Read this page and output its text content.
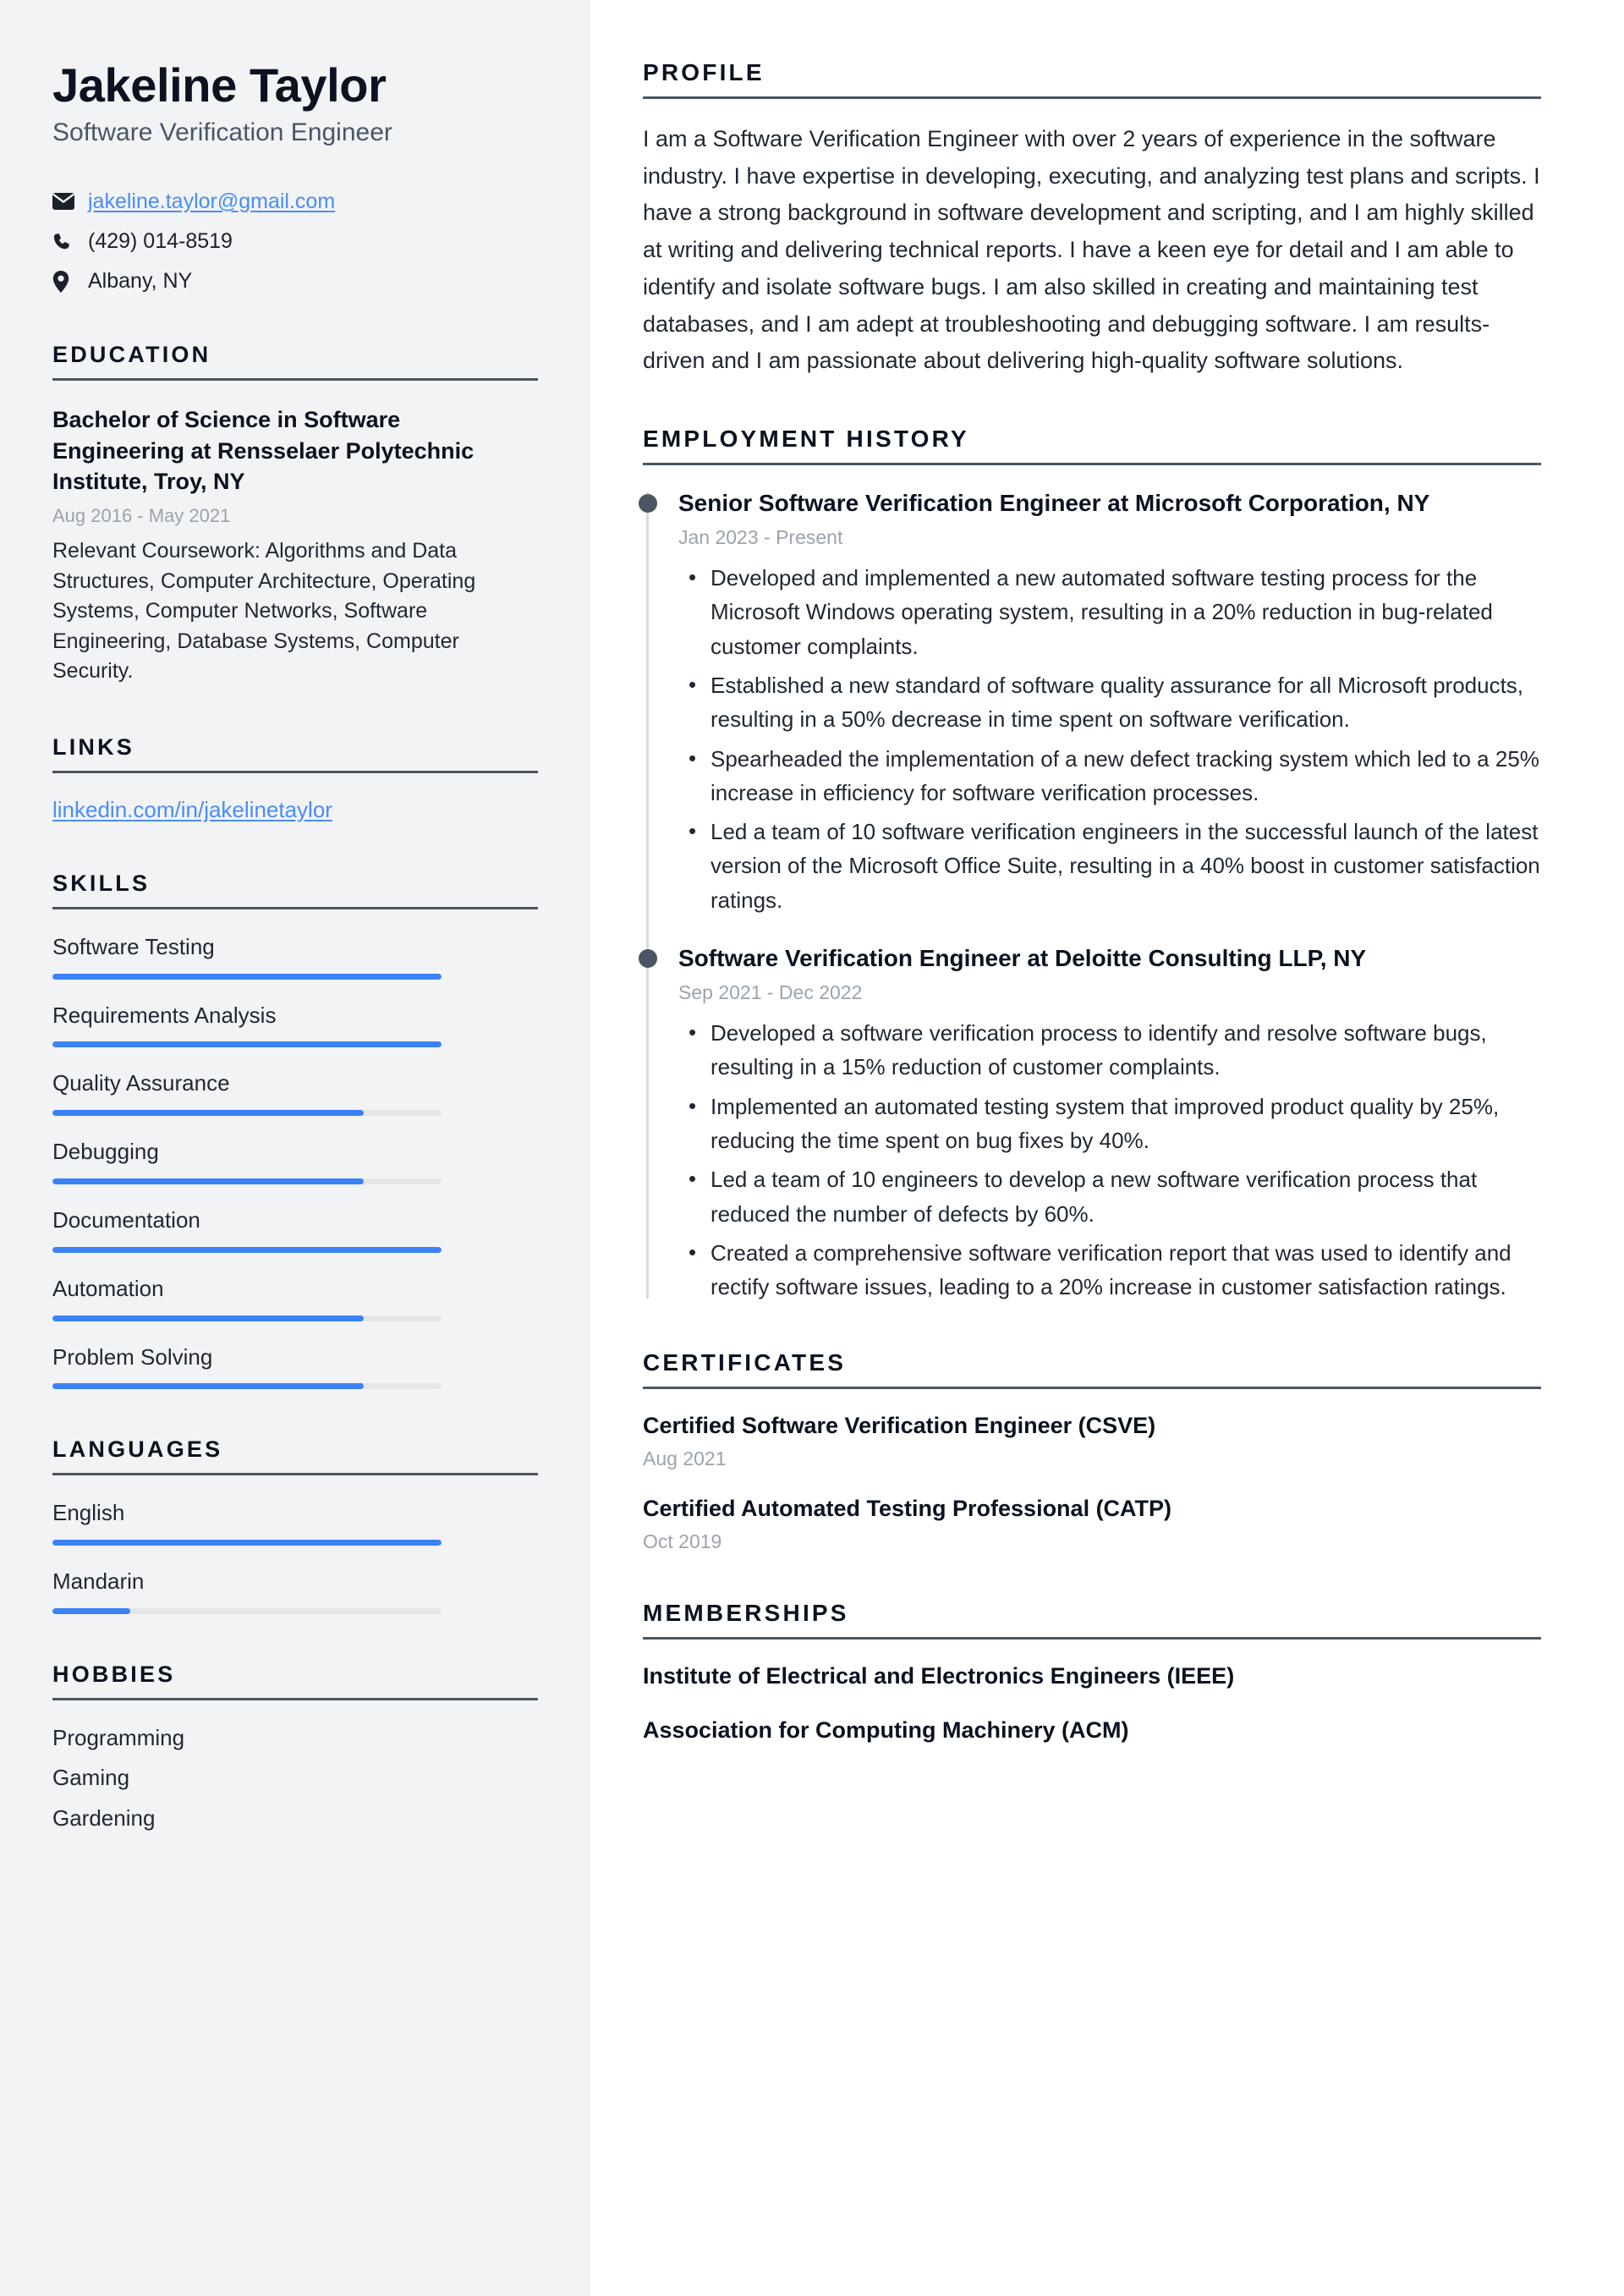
Jakeline Taylor
Software Verification Engineer
jakeline.taylor@gmail.com
(429) 014-8519
Albany, NY
EDUCATION
Bachelor of Science in Software Engineering at Rensselaer Polytechnic Institute, Troy, NY
Aug 2016 - May 2021
Relevant Coursework: Algorithms and Data Structures, Computer Architecture, Operating Systems, Computer Networks, Software Engineering, Database Systems, Computer Security.
LINKS
linkedin.com/in/jakelinetaylor
SKILLS
Software Testing
Requirements Analysis
Quality Assurance
Debugging
Documentation
Automation
Problem Solving
LANGUAGES
English
Mandarin
HOBBIES
Programming
Gaming
Gardening
PROFILE

I am a Software Verification Engineer with over 2 years of experience in the software industry. I have expertise in developing, executing, and analyzing test plans and scripts. I have a strong background in software development and scripting, and I am highly skilled at writing and delivering technical reports. I have a keen eye for detail and I am able to identify and isolate software bugs. I am also skilled in creating and maintaining test databases, and I am adept at troubleshooting and debugging software. I am results-driven and I am passionate about delivering high-quality software solutions.

EMPLOYMENT HISTORY
Senior Software Verification Engineer at Microsoft Corporation, NY
Jan 2023 - Present
• Developed and implemented a new automated software testing process for the Microsoft Windows operating system, resulting in a 20% reduction in bug-related customer complaints.
• Established a new standard of software quality assurance for all Microsoft products, resulting in a 50% decrease in time spent on software verification.
• Spearheaded the implementation of a new defect tracking system which led to a 25% increase in efficiency for software verification processes.
• Led a team of 10 software verification engineers in the successful launch of the latest version of the Microsoft Office Suite, resulting in a 40% boost in customer satisfaction ratings.
Software Verification Engineer at Deloitte Consulting LLP, NY
Sep 2021 - Dec 2022
• Developed a software verification process to identify and resolve software bugs, resulting in a 15% reduction of customer complaints.
• Implemented an automated testing system that improved product quality by 25%, reducing the time spent on bug fixes by 40%.
• Led a team of 10 engineers to develop a new software verification process that reduced the number of defects by 60%.
• Created a comprehensive software verification report that was used to identify and rectify software issues, leading to a 20% increase in customer satisfaction ratings.
CERTIFICATES
Certified Software Verification Engineer (CSVE)
Aug 2021
Certified Automated Testing Professional (CATP)
Oct 2019
MEMBERSHIPS
Institute of Electrical and Electronics Engineers (IEEE)
Association for Computing Machinery (ACM)
